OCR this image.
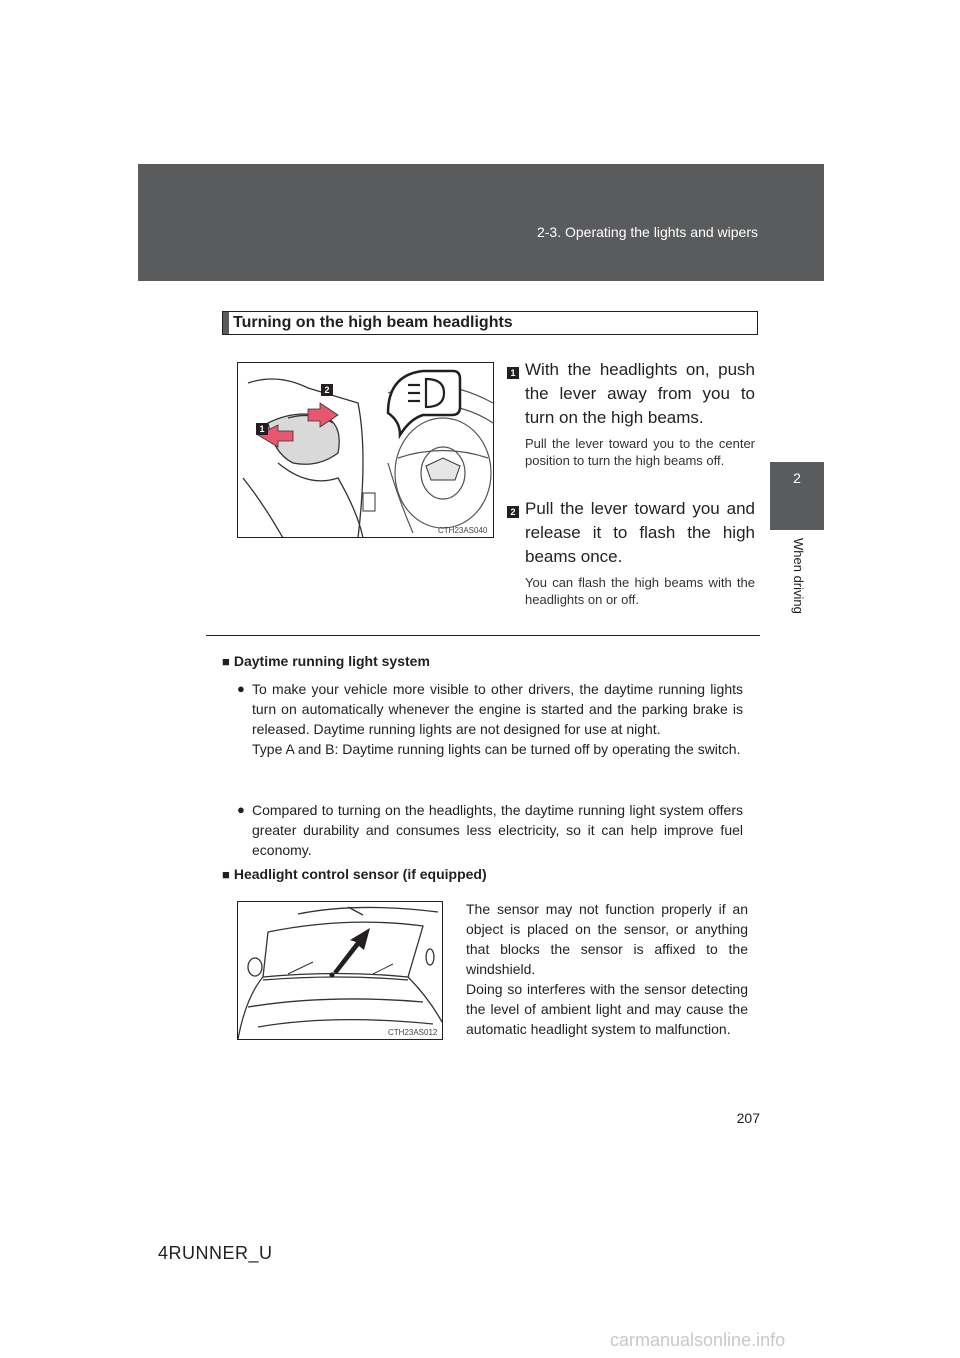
2-3. Operating the lights and wipers
2
When driving
Turning on the high beam headlights
1
2
CTH23AS040
1 With the headlights on, push the lever away from you to turn on the high beams.
Pull the lever toward you to the center position to turn the high beams off.
2 Pull the lever toward you and release it to flash the high beams once.
You can flash the high beams with the headlights on or off.
■ Daytime running light system
● To make your vehicle more visible to other drivers, the daytime running lights turn on automatically whenever the engine is started and the parking brake is released. Daytime running lights are not designed for use at night.
Type A and B: Daytime running lights can be turned off by operating the switch.
● Compared to turning on the headlights, the daytime running light system offers greater durability and consumes less electricity, so it can help improve fuel economy.
■ Headlight control sensor (if equipped)
CTH23AS012
The sensor may not function properly if an object is placed on the sensor, or anything that blocks the sensor is affixed to the windshield.
Doing so interferes with the sensor detecting the level of ambient light and may cause the automatic headlight system to malfunction.
207
4RUNNER_U
carmanualsonline.info
